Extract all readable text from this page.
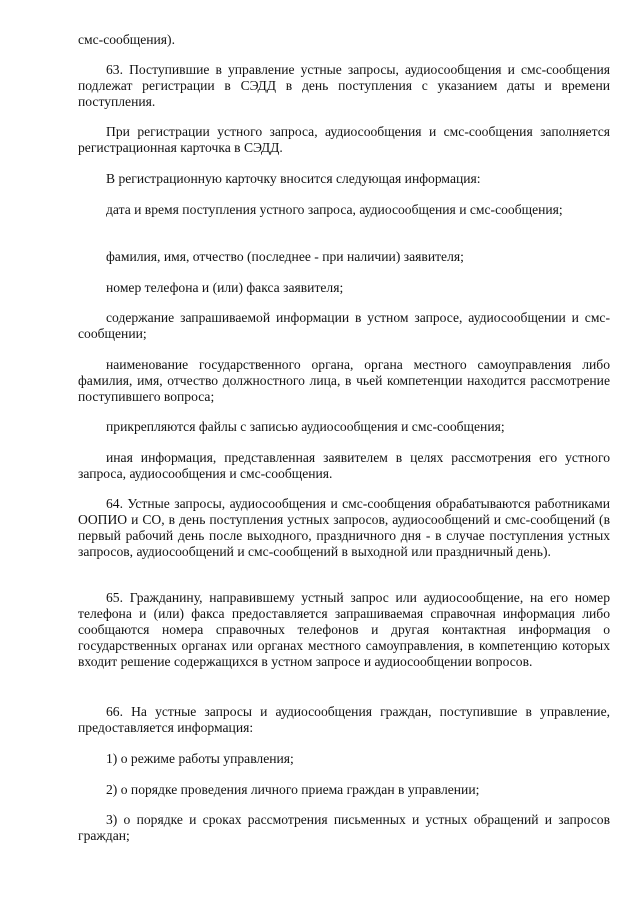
смс-сообщения).

63. Поступившие в управление устные запросы, аудиосообщения и смс-сообщения подлежат регистрации в СЭДД в день поступления с указанием даты и времени поступления.

При регистрации устного запроса, аудиосообщения и смс-сообщения заполняется регистрационная карточка в СЭДД.

В регистрационную карточку вносится следующая информация:

дата и время поступления устного запроса, аудиосообщения и смс-сообщения;

фамилия, имя, отчество (последнее - при наличии) заявителя;

номер телефона и (или) факса заявителя;

содержание запрашиваемой информации в устном запросе, аудиосообщении и смс-сообщении;

наименование государственного органа, органа местного самоуправления либо фамилия, имя, отчество должностного лица, в чьей компетенции находится рассмотрение поступившего вопроса;

прикрепляются файлы с записью аудиосообщения и смс-сообщения;

иная информация, представленная заявителем в целях рассмотрения его устного запроса, аудиосообщения и смс-сообщения.

64. Устные запросы, аудиосообщения и смс-сообщения обрабатываются работниками ООПИО и СО, в день поступления устных запросов, аудиосообщений и смс-сообщений (в первый рабочий день после выходного, праздничного дня - в случае поступления устных запросов, аудиосообщений и смс-сообщений в выходной или праздничный день).

65. Гражданину, направившему устный запрос или аудиосообщение, на его номер телефона и (или) факса предоставляется запрашиваемая справочная информация либо сообщаются номера справочных телефонов и другая контактная информация о государственных органах или органах местного самоуправления, в компетенцию которых входит решение содержащихся в устном запросе и аудиосообщении вопросов.

66. На устные запросы и аудиосообщения граждан, поступившие в управление, предоставляется информация:

1) о режиме работы управления;

2) о порядке проведения личного приема граждан в управлении;

3) о порядке и сроках рассмотрения письменных и устных обращений и запросов граждан;
